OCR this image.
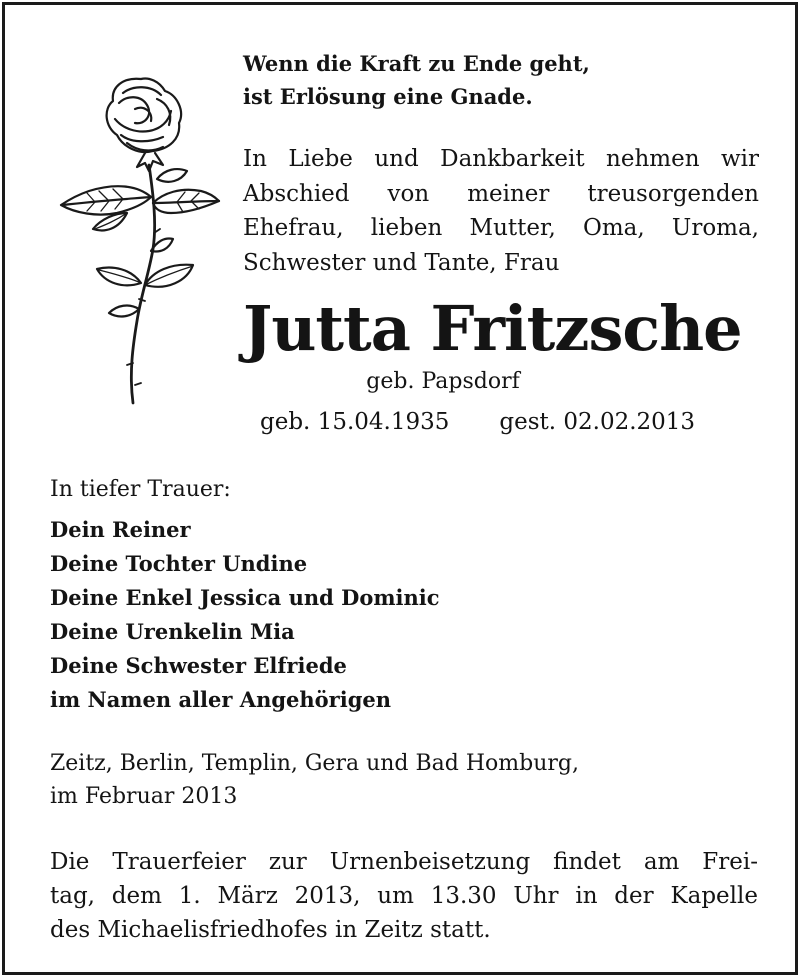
Wenn die Kraft zu Ende geht,
ist Erlösung eine Gnade.
In Liebe und Dankbarkeit nehmen wir
Abschied von meiner treusorgenden
Ehefrau, lieben Mutter, Oma, Uroma,
Schwester und Tante, Frau
Jutta Fritzsche
geb. Papsdorf
geb. 15.04.1935 gest. 02.02.2013
In tiefer Trauer:
Dein Reiner
Deine Tochter Undine
Deine Enkel Jessica und Dominic
Deine Urenkelin Mia
Deine Schwester Elfriede
im Namen aller Angehörigen
Zeitz, Berlin, Templin, Gera und Bad Homburg,
im Februar 2013
Die Trauerfeier zur Urnenbeisetzung findet am Frei-
tag, dem 1. März 2013, um 13.30 Uhr in der Kapelle
des Michaelisfriedhofes in Zeitz statt.
